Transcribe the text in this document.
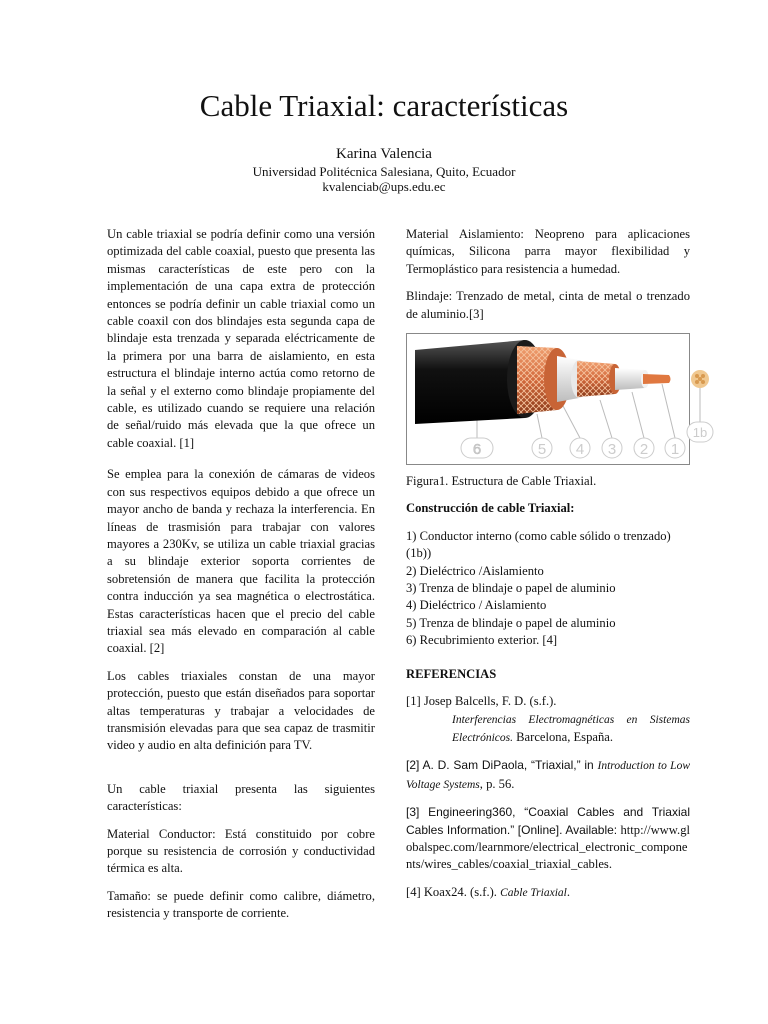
Cable Triaxial: características
Karina Valencia
Universidad Politécnica Salesiana, Quito, Ecuador
kvalenciab@ups.edu.ec

Un cable triaxial se podría definir como una versión optimizada del cable coaxial, puesto que presenta las mismas características de este pero con la implementación de una capa extra de protección entonces se podría definir un cable triaxial como un cable coaxil con dos blindajes esta segunda capa de blindaje esta trenzada y separada eléctricamente de la primera por una barra de aislamiento, en esta estructura el blindaje interno actúa como retorno de la señal y el externo como blindaje propiamente del cable, es utilizado cuando se requiere una relación de señal/ruido más elevada que la que ofrece un cable coaxial. [1]

Se emplea para la conexión de cámaras de videos con sus respectivos equipos debido a que ofrece un mayor ancho de banda y rechaza la interferencia. En líneas de trasmisión para trabajar con valores mayores a 230Kv, se utiliza un cable triaxial gracias a su blindaje exterior soporta corrientes de sobretensión de manera que facilita la protección contra inducción ya sea magnética o electrostática. Estas características hacen que el precio del cable triaxial sea más elevado en comparación al cable coaxial. [2]

Los cables triaxiales constan de una mayor protección, puesto que están diseñados para soportar altas temperaturas y trabajar a velocidades de transmisión elevadas para que sea capaz de trasmitir video y audio en alta definición para TV.

Un cable triaxial presenta las siguientes características:

Material Conductor: Está constituido por cobre porque su resistencia de corrosión y conductividad térmica es alta.

Tamaño: se puede definir como calibre, diámetro, resistencia y transporte de corriente.

Material Aislamiento: Neopreno para aplicaciones químicas, Silicona parra mayor flexibilidad y Termoplástico para resistencia a humedad.

Blindaje: Trenzado de metal, cinta de metal o trenzado de aluminio.[3]

6	5 4 3 2 1
1b

Figura1. Estructura de Cable Triaxial.

Construcción de cable Triaxial:

1) Conductor interno (como cable sólido o trenzado) (1b))
2) Dieléctrico /Aislamiento
3) Trenza de blindaje o papel de aluminio
4) Dieléctrico / Aislamiento
5) Trenza de blindaje o papel de aluminio
6) Recubrimiento exterior. [4]

REFERENCIAS

[1] Josep Balcells, F. D. (s.f.).
Interferencias Electromagnéticas en Sistemas Electrónicos. Barcelona, España.

[2] A. D. Sam DiPaola, “Triaxial,” in Introduction to Low Voltage Systems, p. 56.

[3] Engineering360, “Coaxial Cables and Triaxial Cables Information.” [Online]. Available: http://www.globalspec.com/learnmore/electrical_electronic_components/wires_cables/coaxial_triaxial_cables.

[4] Koax24. (s.f.). Cable Triaxial.
